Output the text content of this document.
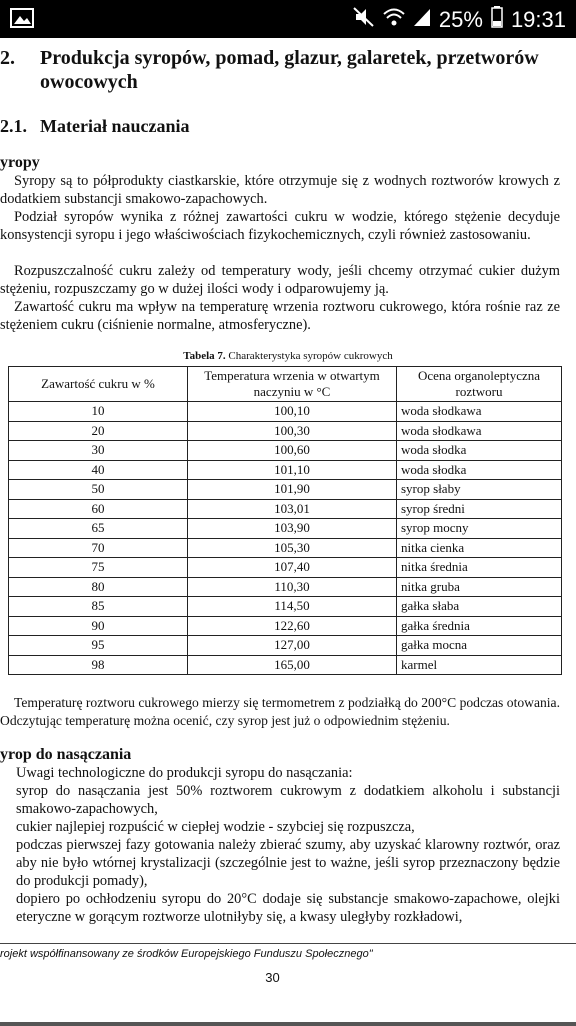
25% 19:31
2. Produkcja syropów, pomad, glazur, galaretek, przetworów owocowych
2.1. Materiał nauczania
yropy
Syropy są to półprodukty ciastkarskie, które otrzymuje się z wodnych roztworów krowych z dodatkiem substancji smakowo-zapachowych.
Podział syropów wynika z różnej zawartości cukru w wodzie, którego stężenie decyduje konsystencji syropu i jego właściwościach fizykochemicznych, czyli również zastosowaniu.
Rozpuszczalność cukru zależy od temperatury wody, jeśli chcemy otrzymać cukier dużym stężeniu, rozpuszczamy go w dużej ilości wody i odparowujemy ją.
Zawartość cukru ma wpływ na temperaturę wrzenia roztworu cukrowego, która rośnie raz ze stężeniem cukru (ciśnienie normalne, atmosferyczne).
Tabela 7. Charakterystyka syropów cukrowych
Zawartość cukru w %	Temperatura wrzenia w otwartym naczyniu w °C	Ocena organoleptyczna roztworu
10	100,10	woda słodkawa
20	100,30	woda słodkawa
30	100,60	woda słodka
40	101,10	woda słodka
50	101,90	syrop słaby
60	103,01	syrop średni
65	103,90	syrop mocny
70	105,30	nitka cienka
75	107,40	nitka średnia
80	110,30	nitka gruba
85	114,50	gałka słaba
90	122,60	gałka średnia
95	127,00	gałka mocna
98	165,00	karmel
Temperaturę roztworu cukrowego mierzy się termometrem z podziałką do 200°C podczas otowania. Odczytując temperaturę można ocenić, czy syrop jest już o odpowiednim stężeniu.
yrop do nasączania
Uwagi technologiczne do produkcji syropu do nasączania:
syrop do nasączania jest 50% roztworem cukrowym z dodatkiem alkoholu i substancji smakowo-zapachowych,
cukier najlepiej rozpuścić w ciepłej wodzie - szybciej się rozpuszcza,
podczas pierwszej fazy gotowania należy zbierać szumy, aby uzyskać klarowny roztwór, oraz aby nie było wtórnej krystalizacji (szczególnie jest to ważne, jeśli syrop przeznaczony będzie do produkcji pomady),
dopiero po ochłodzeniu syropu do 20°C dodaje się substancje smakowo-zapachowe, olejki eteryczne w gorącym roztworze ulotniłyby się, a kwasy uległyby rozkładowi,
rojekt współfinansowany ze środków Europejskiego Funduszu Społecznego"
30
